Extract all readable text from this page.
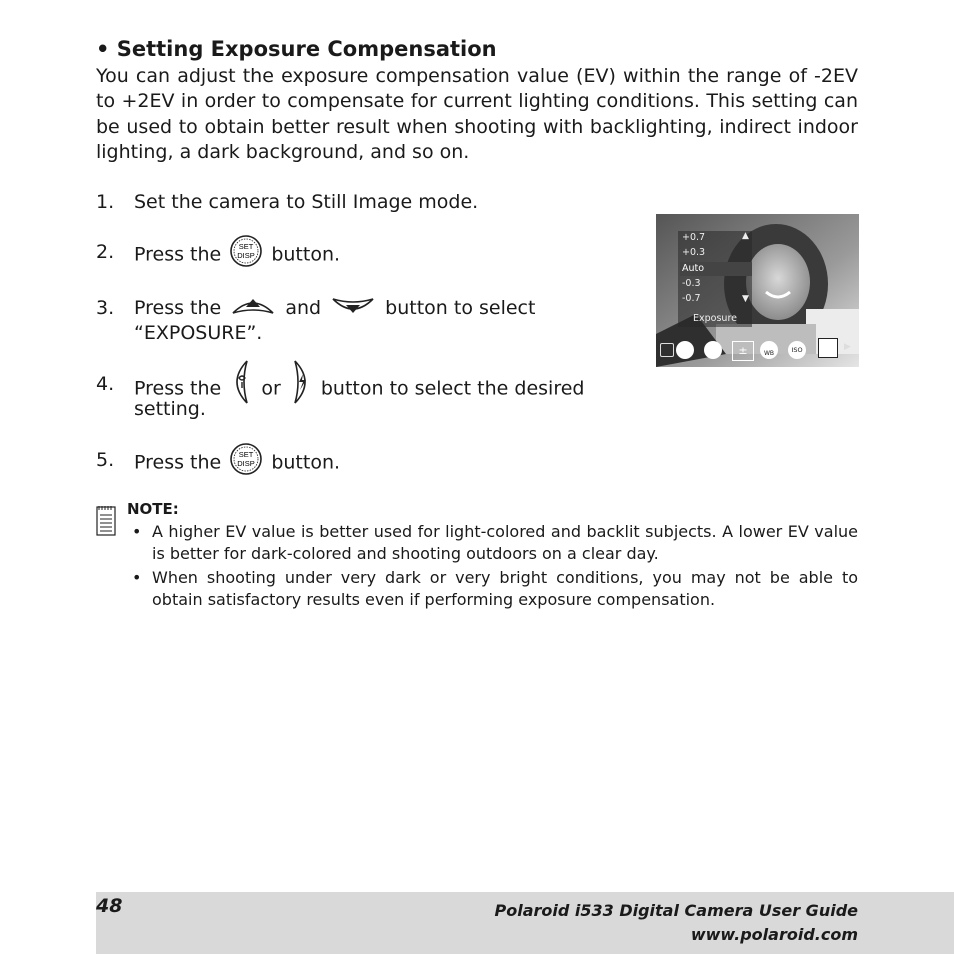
• Setting Exposure Compensation
You can adjust the exposure compensation value (EV) within the range of -2EV to +2EV in order to compensate for current lighting conditions. This setting can be used to obtain better result when shooting with backlighting, indirect indoor lighting, a dark background, and so on.
1. Set the camera to Still Image mode.
2. Press the SET
DISP button.
3. Press the	and	button to select
“EXPOSURE”.
4. Press the or button to select the desired
setting.
5. Press the SET
DISP button.
+0.7
+0.3
Auto
-0.3
-0.7
▲
▼
Exposure
±	WB	ISO	▶
NOTE:
• A higher EV value is better used for light-colored and backlit subjects. A lower EV value is better for dark-colored and shooting outdoors on a clear day.
• When shooting under very dark or very bright conditions, you may not be able to obtain satisfactory results even if performing exposure compensation.
48	Polaroid i533 Digital Camera User Guide
www.polaroid.com
